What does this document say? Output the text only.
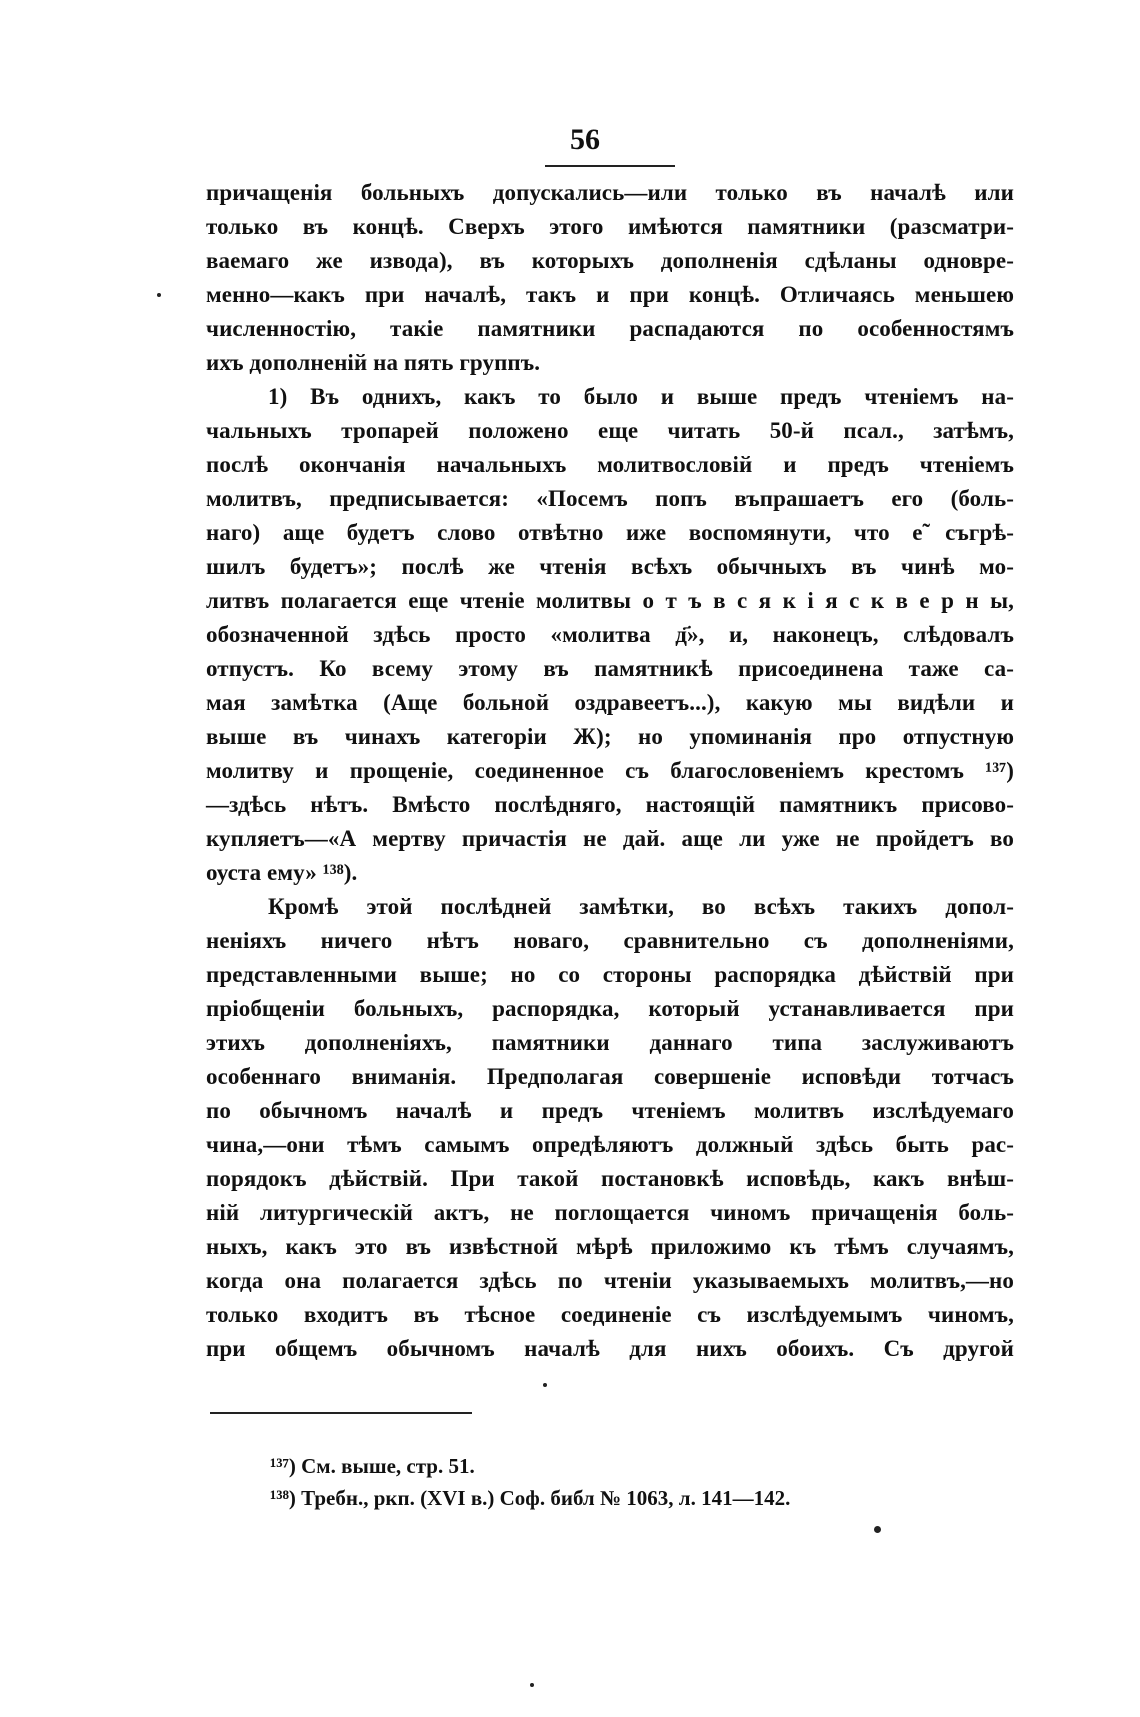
56
причащенія больныхъ допускались—или только въ началѣ или
только въ концѣ. Сверхъ этого имѣются памятники (разсматри-
ваемаго же извода), въ которыхъ дополненія сдѣланы одновре-
менно—какъ при началѣ, такъ и при концѣ. Отличаясь меньшею
численностію, такіе памятники распадаются по особенностямъ
ихъ дополненій на пять группъ.
1) Въ однихъ, какъ то было и выше предъ чтеніемъ на-
чальныхъ тропарей положено еще читать 50-й псал., затѣмъ,
послѣ окончанія начальныхъ молитвословій и предъ чтеніемъ
молитвъ, предписывается: «Посемъ попъ въпрашаетъ его (боль-
наго) аще будетъ слово отвѣтно иже воспомянути, что е̃ съгрѣ-
шилъ будетъ»; послѣ же чтенія всѣхъ обычныхъ въ чинѣ мо-
литвъ полагается еще чтеніе молитвы о т ъ в с я к і я с к в е р н ы,
обозначенной здѣсь просто «молитва д҃», и, наконецъ, слѣдовалъ
отпустъ. Ко всему этому въ памятникѣ присоединена таже са-
мая замѣтка (Аще больной оздравеетъ...), какую мы видѣли и
выше въ чинахъ категоріи Ж); но упоминанія про отпустную
молитву и прощеніе, соединенное съ благословеніемъ крестомъ ¹³⁷)
—здѣсь нѣтъ. Вмѣсто послѣдняго, настоящій памятникъ присово-
купляетъ—«А мертву причастія не дай. аще ли уже не пройдетъ во
оуста ему» ¹³⁸).
Кромѣ этой послѣдней замѣтки, во всѣхъ такихъ допол-
неніяхъ ничего нѣтъ новаго, сравнительно съ дополненіями,
представленными выше; но со стороны распорядка дѣйствій при
пріобщеніи больныхъ, распорядка, который устанавливается при
этихъ дополненіяхъ, памятники даннаго типа заслуживаютъ
особеннаго вниманія. Предполагая совершеніе исповѣди тотчасъ
по обычномъ началѣ и предъ чтеніемъ молитвъ изслѣдуемаго
чина,—они тѣмъ самымъ опредѣляютъ должный здѣсь быть рас-
порядокъ дѣйствій. При такой постановкѣ исповѣдь, какъ внѣш-
ній литургическій актъ, не поглощается чиномъ причащенія боль-
ныхъ, какъ это въ извѣстной мѣрѣ приложимо къ тѣмъ случаямъ,
когда она полагается здѣсь по чтеніи указываемыхъ молитвъ,—но
только входитъ въ тѣсное соединеніе съ изслѣдуемымъ чиномъ,
при общемъ обычномъ началѣ для нихъ обоихъ. Съ другой
¹³⁷) См. выше, стр. 51.
¹³⁸) Требн., ркп. (XVI в.) Соф. библ № 1063, л. 141—142.
